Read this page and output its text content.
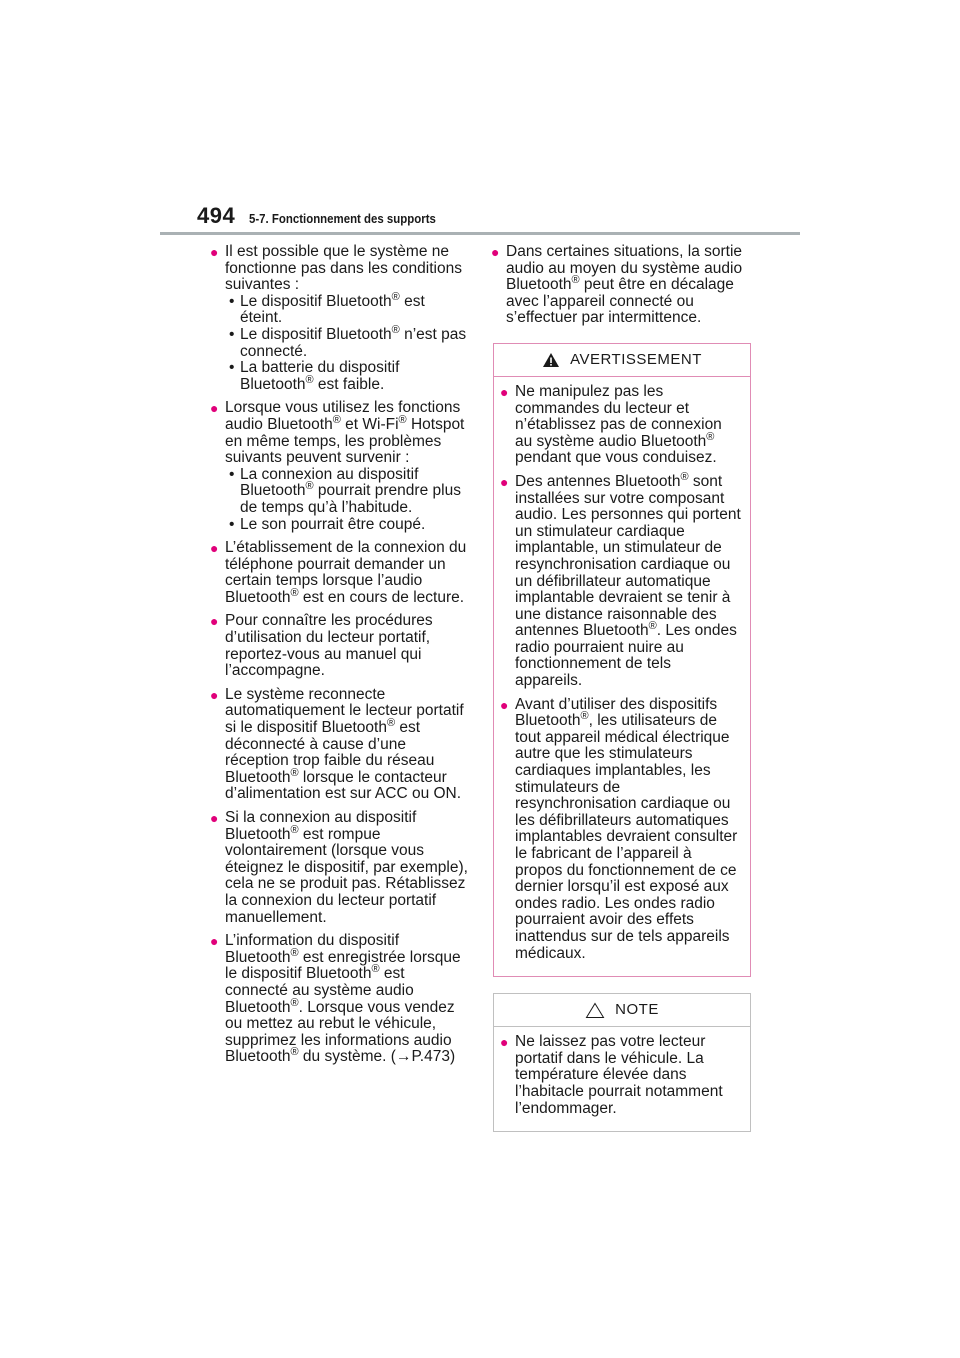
494 5-7. Fonctionnement des supports
● Il est possible que le système ne fonctionne pas dans les conditions suivantes :
• Le dispositif Bluetooth® est éteint.
• Le dispositif Bluetooth® n’est pas connecté.
• La batterie du dispositif Bluetooth® est faible.
● Lorsque vous utilisez les fonctions audio Bluetooth® et Wi-Fi® Hotspot en même temps, les problèmes suivants peuvent survenir :
• La connexion au dispositif Bluetooth® pourrait prendre plus de temps qu’à l’habitude.
• Le son pourrait être coupé.
● L’établissement de la connexion du téléphone pourrait demander un certain temps lorsque l’audio Bluetooth® est en cours de lecture.
● Pour connaître les procédures d’utilisation du lecteur portatif, reportez-vous au manuel qui l’accompagne.
● Le système reconnecte automatiquement le lecteur portatif si le dispositif Bluetooth® est déconnecté à cause d’une réception trop faible du réseau Bluetooth® lorsque le contacteur d’alimentation est sur ACC ou ON.
● Si la connexion au dispositif Bluetooth® est rompue volontairement (lorsque vous éteignez le dispositif, par exemple), cela ne se produit pas. Rétablissez la connexion du lecteur portatif manuellement.
● L’information du dispositif Bluetooth® est enregistrée lorsque le dispositif Bluetooth® est connecté au système audio Bluetooth®. Lorsque vous vendez ou mettez au rebut le véhicule, supprimez les informations audio Bluetooth® du système. (→P.473)
● Dans certaines situations, la sortie audio au moyen du système audio Bluetooth® peut être en décalage avec l’appareil connecté ou s’effectuer par intermittence.
AVERTISSEMENT
● Ne manipulez pas les commandes du lecteur et n’établissez pas de connexion au système audio Bluetooth® pendant que vous conduisez.
● Des antennes Bluetooth® sont installées sur votre composant audio. Les personnes qui portent un stimulateur cardiaque implantable, un stimulateur de resynchronisation cardiaque ou un défibrillateur automatique implantable devraient se tenir à une distance raisonnable des antennes Bluetooth®. Les ondes radio pourraient nuire au fonctionnement de tels appareils.
● Avant d’utiliser des dispositifs Bluetooth®, les utilisateurs de tout appareil médical électrique autre que les stimulateurs cardiaques implantables, les stimulateurs de resynchronisation cardiaque ou les défibrillateurs automatiques implantables devraient consulter le fabricant de l’appareil à propos du fonctionnement de ce dernier lorsqu’il est exposé aux ondes radio. Les ondes radio pourraient avoir des effets inattendus sur de tels appareils médicaux.
NOTE
● Ne laissez pas votre lecteur portatif dans le véhicule. La température élevée dans l’habitacle pourrait notamment l’endommager.
